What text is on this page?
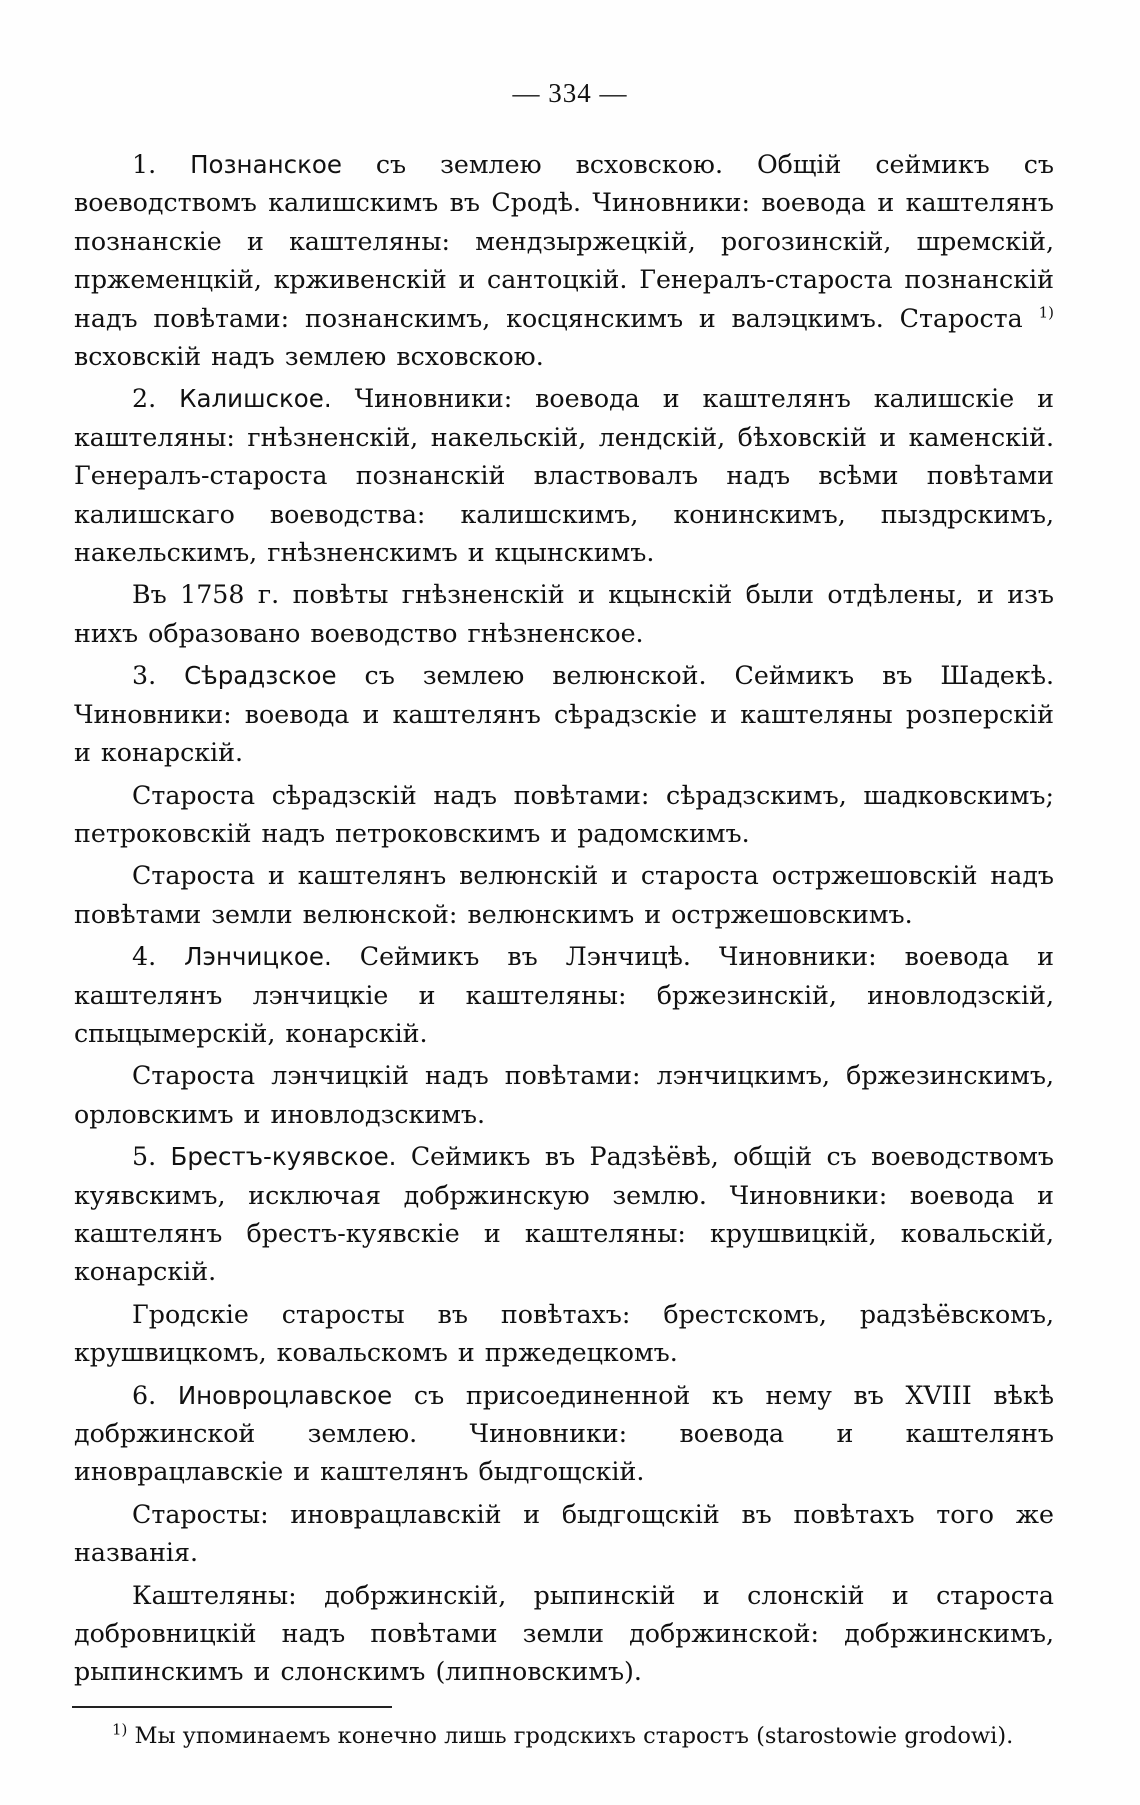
— 334 —

1. Познанское съ землею всховскою. Общій сеймикъ съ воеводствомъ калишскимъ въ Сродѣ. Чиновники: воевода и каштелянъ познанскіе и каштеляны: мендзыржецкій, рогозинскій, шремскій, пржеменцкій, крживенскій и сантоцкій. Генералъ-староста познанскій надъ повѣтами: познанскимъ, косцянскимъ и валэцкимъ. Староста $^{1)}$ всховскій надъ землею всховскою.

2. Калишское. Чиновники: воевода и каштелянъ калишскіе и каштеляны: гнѣзненскій, накельскій, лендскій, бѣховскій и каменскій. Генералъ-староста познанскій властвовалъ надъ всѣми повѣтами калишскаго воеводства: калишскимъ, конинскимъ, пыздрскимъ, накельскимъ, гнѣзненскимъ и кцынскимъ.

Въ 1758 г. повѣты гнѣзненскій и кцынскій были отдѣлены, и изъ нихъ образовано воеводство гнѣзненское.

3. Сѣрадзское съ землею велюнской. Сеймикъ въ Шадекѣ. Чиновники: воевода и каштелянъ сѣрадзскіе и каштеляны розперскій и конарскій.

Староста сѣрадзскій надъ повѣтами: сѣрадзскимъ, шадковскимъ; петроковскій надъ петроковскимъ и радомскимъ.

Староста и каштелянъ велюнскій и староста остржешовскій надъ повѣтами земли велюнской: велюнскимъ и остржешовскимъ.

4. Лэнчицкое. Сеймикъ въ Лэнчицѣ. Чиновники: воевода и каштелянъ лэнчицкіе и каштеляны: бржезинскій, иновлодзскій, спыцымерскій, конарскій.

Староста лэнчицкій надъ повѣтами: лэнчицкимъ, бржезинскимъ, орловскимъ и иновлодзскимъ.

5. Брестъ-куявское. Сеймикъ въ Радзѣёвѣ, общій съ воеводствомъ куявскимъ, исключая добржинскую землю. Чиновники: воевода и каштелянъ брестъ-куявскіе и каштеляны: крушвицкій, ковальскій, конарскій.

Гродскіе старосты въ повѣтахъ: брестскомъ, радзѣёвскомъ, крушвицкомъ, ковальскомъ и пржедецкомъ.

6. Иновроцлавское съ присоединенной къ нему въ XVIII вѣкѣ добржинской землею. Чиновники: воевода и каштелянъ иноврацлавскіе и каштелянъ быдгощскій.

Старосты: иноврацлавскій и быдгощскій въ повѣтахъ того же названія.

Каштеляны: добржинскій, рыпинскій и слонскій и староста добровницкій надъ повѣтами земли добржинской: добржинскимъ, рыпинскимъ и слонскимъ (липновскимъ).

$^{1)}$ Мы упоминаемъ конечно лишь гродскихъ старостъ (starostowie grodowi).
